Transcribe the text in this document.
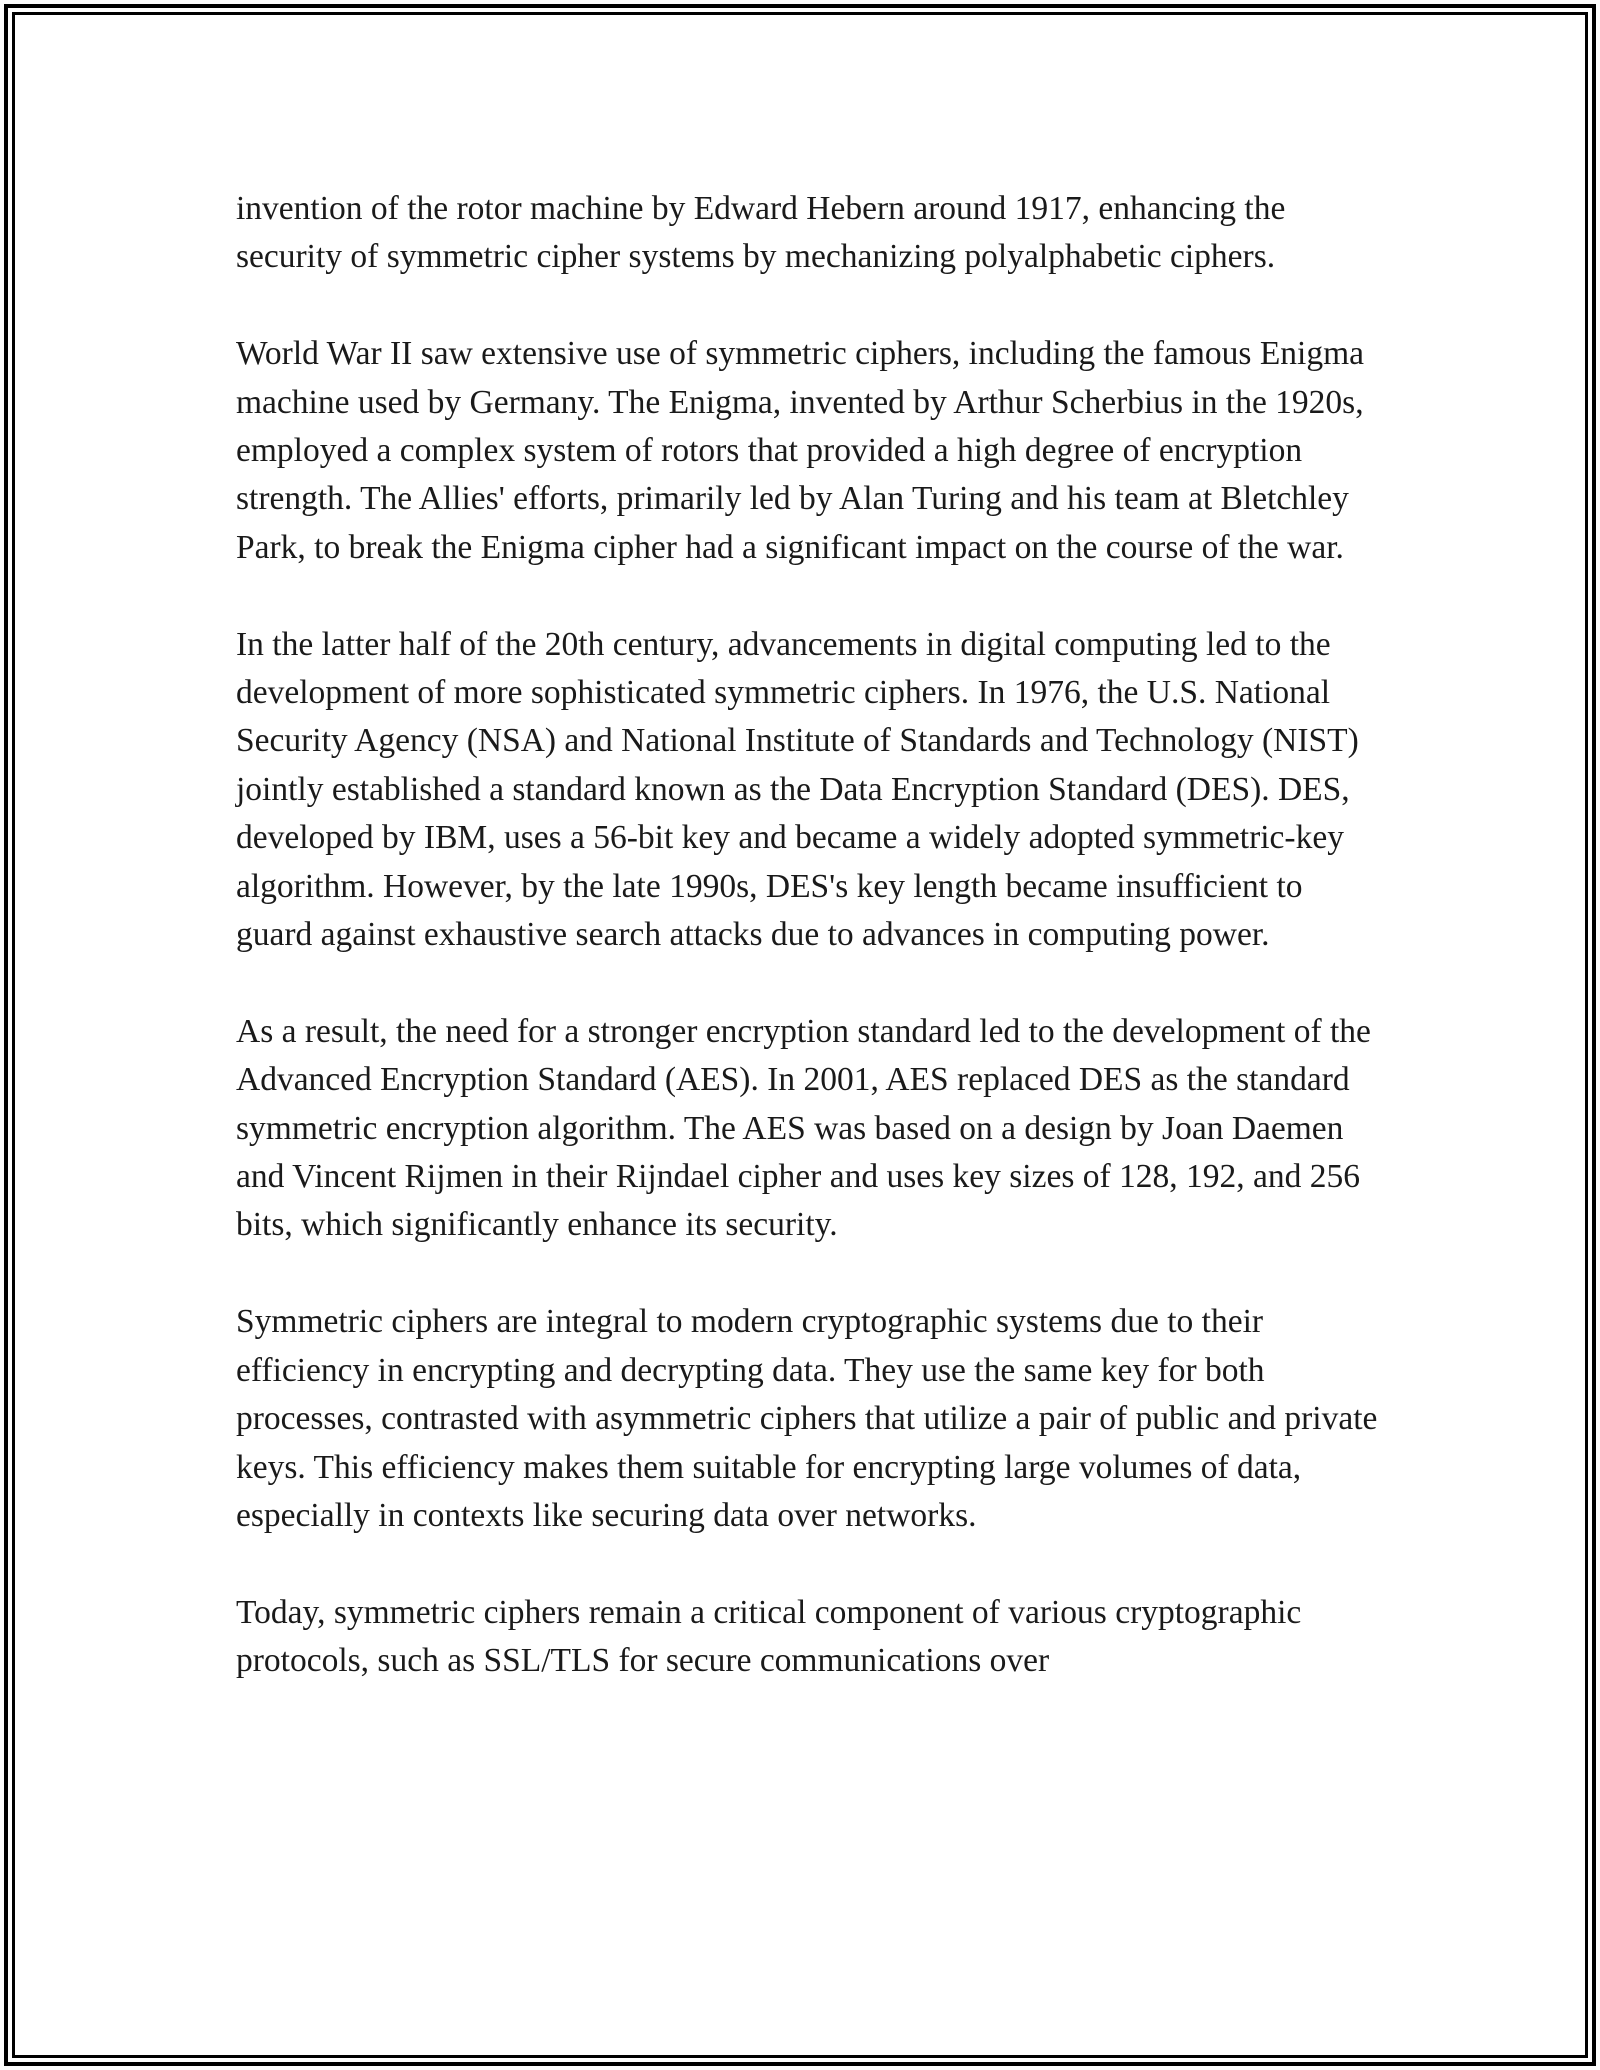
invention of the rotor machine by Edward Hebern around 1917, enhancing the security of symmetric cipher systems by mechanizing polyalphabetic ciphers.

World War II saw extensive use of symmetric ciphers, including the famous Enigma machine used by Germany. The Enigma, invented by Arthur Scherbius in the 1920s, employed a complex system of rotors that provided a high degree of encryption strength. The Allies' efforts, primarily led by Alan Turing and his team at Bletchley Park, to break the Enigma cipher had a significant impact on the course of the war.

In the latter half of the 20th century, advancements in digital computing led to the development of more sophisticated symmetric ciphers. In 1976, the U.S. National Security Agency (NSA) and National Institute of Standards and Technology (NIST) jointly established a standard known as the Data Encryption Standard (DES). DES, developed by IBM, uses a 56-bit key and became a widely adopted symmetric-key algorithm. However, by the late 1990s, DES's key length became insufficient to guard against exhaustive search attacks due to advances in computing power.

As a result, the need for a stronger encryption standard led to the development of the Advanced Encryption Standard (AES). In 2001, AES replaced DES as the standard symmetric encryption algorithm. The AES was based on a design by Joan Daemen and Vincent Rijmen in their Rijndael cipher and uses key sizes of 128, 192, and 256 bits, which significantly enhance its security.

Symmetric ciphers are integral to modern cryptographic systems due to their efficiency in encrypting and decrypting data. They use the same key for both processes, contrasted with asymmetric ciphers that utilize a pair of public and private keys. This efficiency makes them suitable for encrypting large volumes of data, especially in contexts like securing data over networks.

Today, symmetric ciphers remain a critical component of various cryptographic protocols, such as SSL/TLS for secure communications over
